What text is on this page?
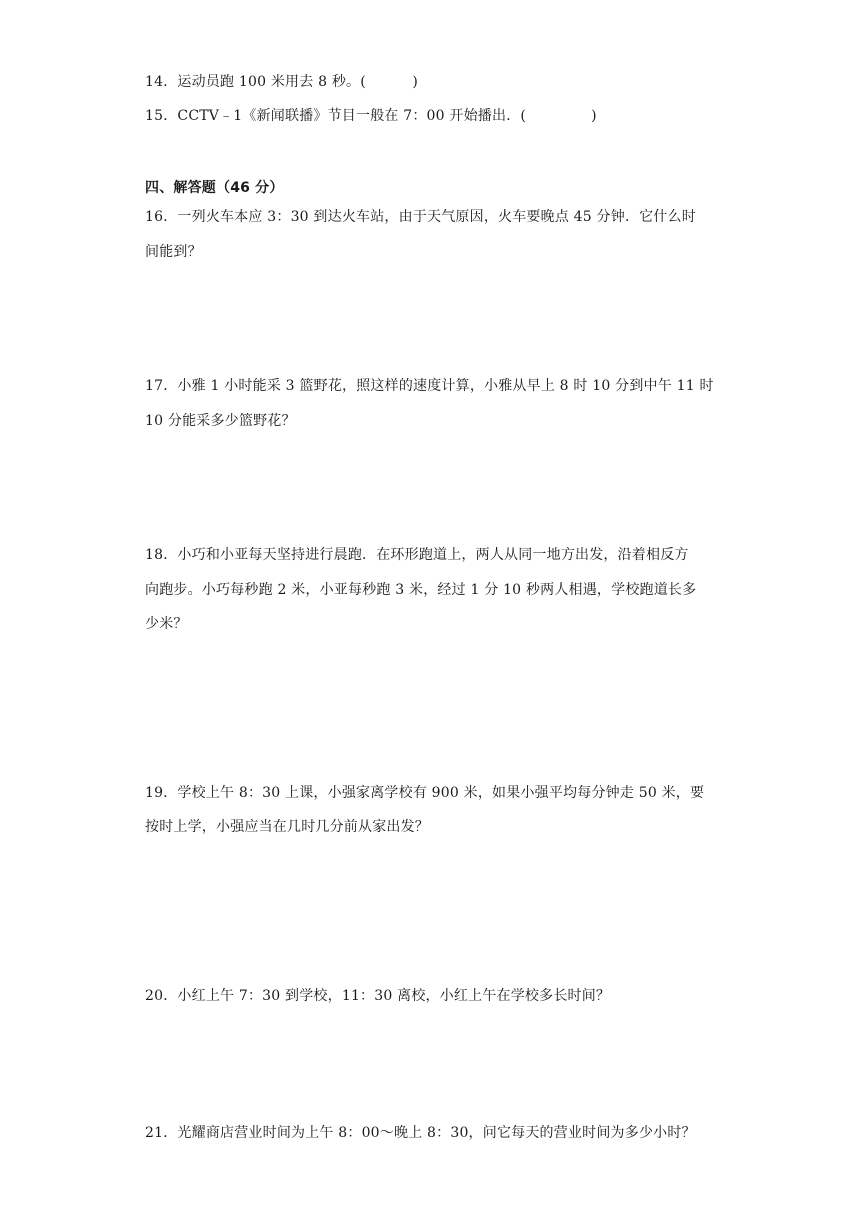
14．运动员跑 100 米用去 8 秒。(          )
15．CCTV﹣1《新闻联播》节目一般在 7：00 开始播出．(              )
四、解答题（46 分）
16．一列火车本应 3：30 到达火车站，由于天气原因，火车要晚点 45 分钟．它什么时
间能到？
17．小雅 1 小时能采 3 篮野花，照这样的速度计算，小雅从早上 8 时 10 分到中午 11 时
10 分能采多少篮野花？
18．小巧和小亚每天坚持进行晨跑．在环形跑道上，两人从同一地方出发，沿着相反方
向跑步。小巧每秒跑 2 米，小亚每秒跑 3 米，经过 1 分 10 秒两人相遇，学校跑道长多
少米？
19．学校上午 8：30 上课，小强家离学校有 900 米，如果小强平均每分钟走 50 米，要
按时上学，小强应当在几时几分前从家出发？
20．小红上午 7：30 到学校，11：30 离校，小红上午在学校多长时间？
21．光耀商店营业时间为上午 8：00～晚上 8：30，问它每天的营业时间为多少小时？
